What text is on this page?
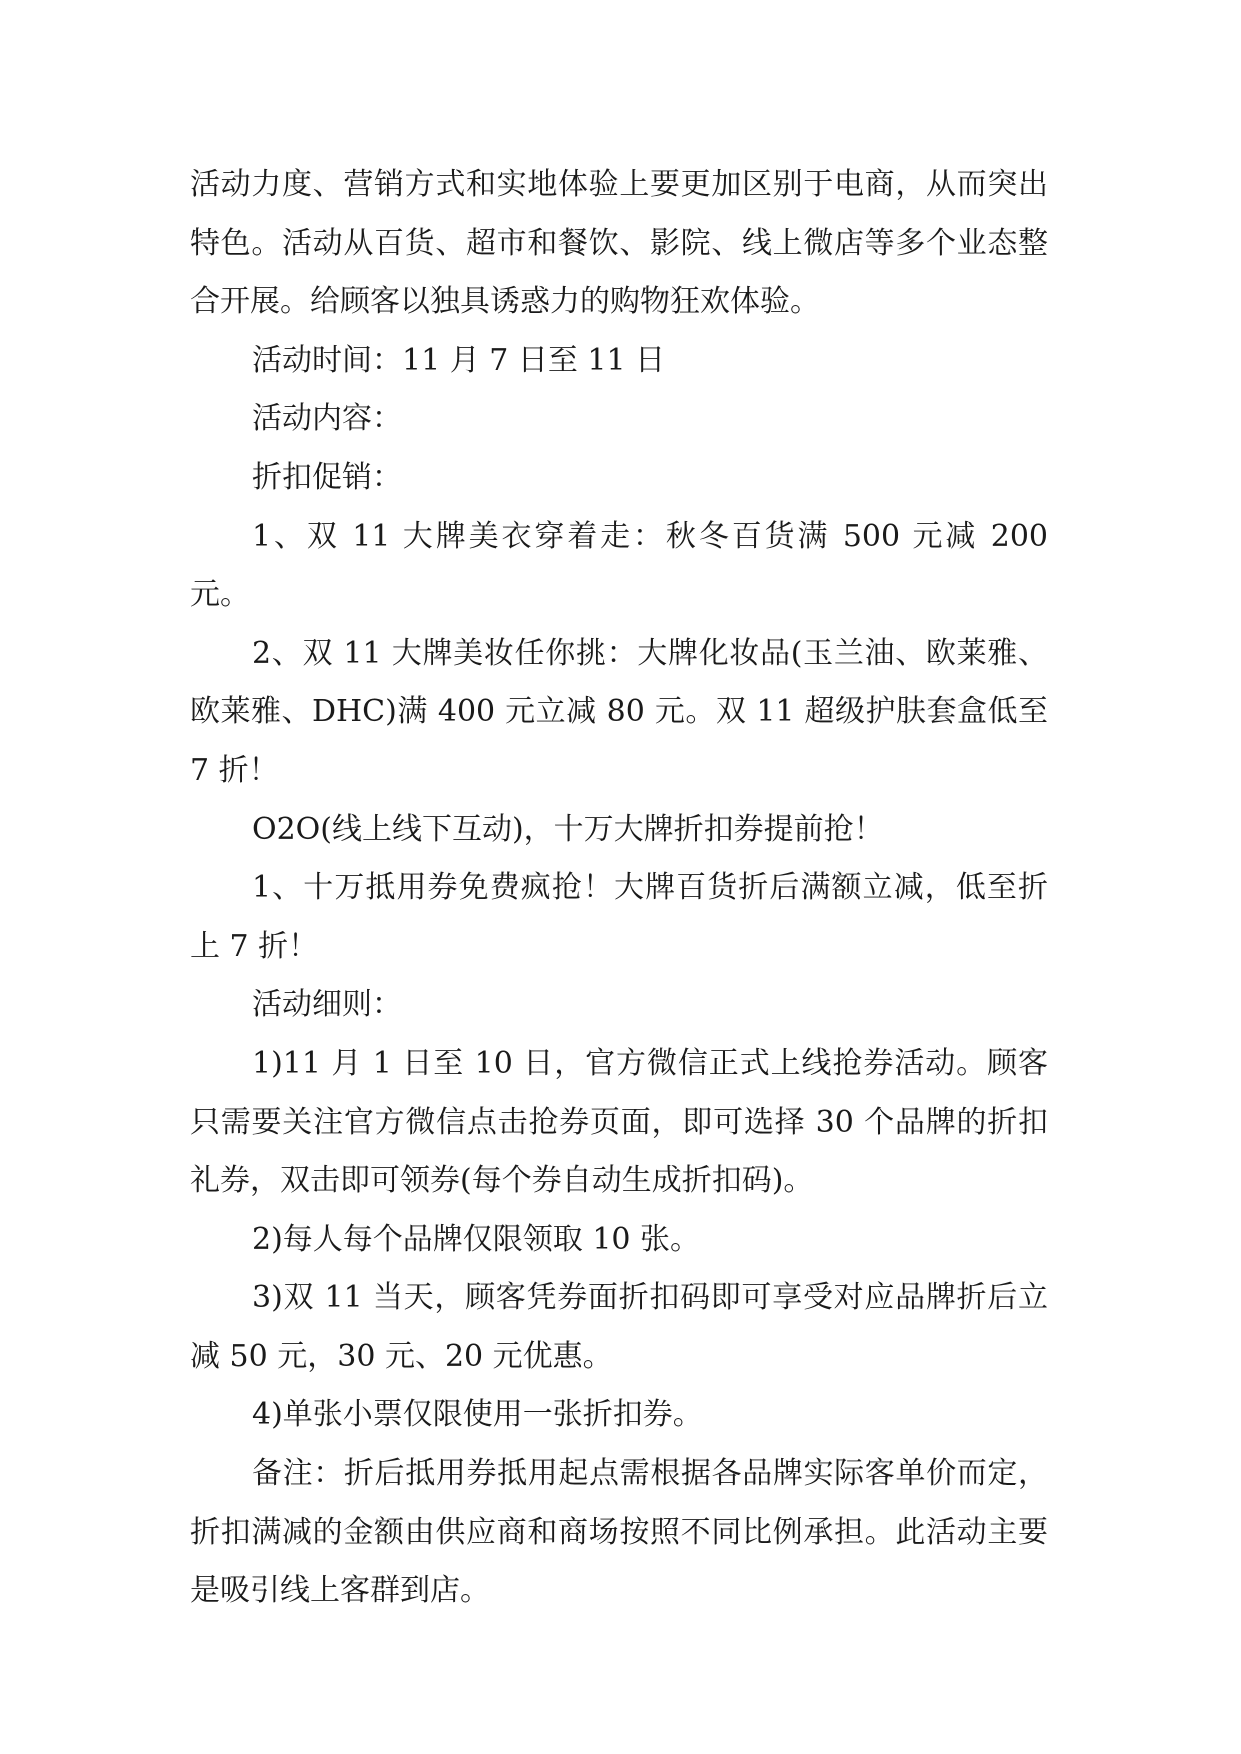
活动力度、营销方式和实地体验上要更加区别于电商，从而突出特色。活动从百货、超市和餐饮、影院、线上微店等多个业态整合开展。给顾客以独具诱惑力的购物狂欢体验。

活动时间：11 月 7 日至 11 日

活动内容：

折扣促销：

1、双 11 大牌美衣穿着走：秋冬百货满 500 元减 200 元。

2、双 11 大牌美妆任你挑：大牌化妆品(玉兰油、欧莱雅、欧莱雅、DHC)满 400 元立减 80 元。双 11 超级护肤套盒低至 7 折！

O2O(线上线下互动)，十万大牌折扣券提前抢！

1、十万抵用券免费疯抢！大牌百货折后满额立减，低至折上 7 折！

活动细则：

1)11 月 1 日至 10 日，官方微信正式上线抢券活动。顾客只需要关注官方微信点击抢券页面，即可选择 30 个品牌的折扣礼券，双击即可领券(每个券自动生成折扣码)。

2)每人每个品牌仅限领取 10 张。

3)双 11 当天，顾客凭券面折扣码即可享受对应品牌折后立减 50 元，30 元、20 元优惠。

4)单张小票仅限使用一张折扣券。

备注：折后抵用券抵用起点需根据各品牌实际客单价而定，折扣满减的金额由供应商和商场按照不同比例承担。此活动主要是吸引线上客群到店。
